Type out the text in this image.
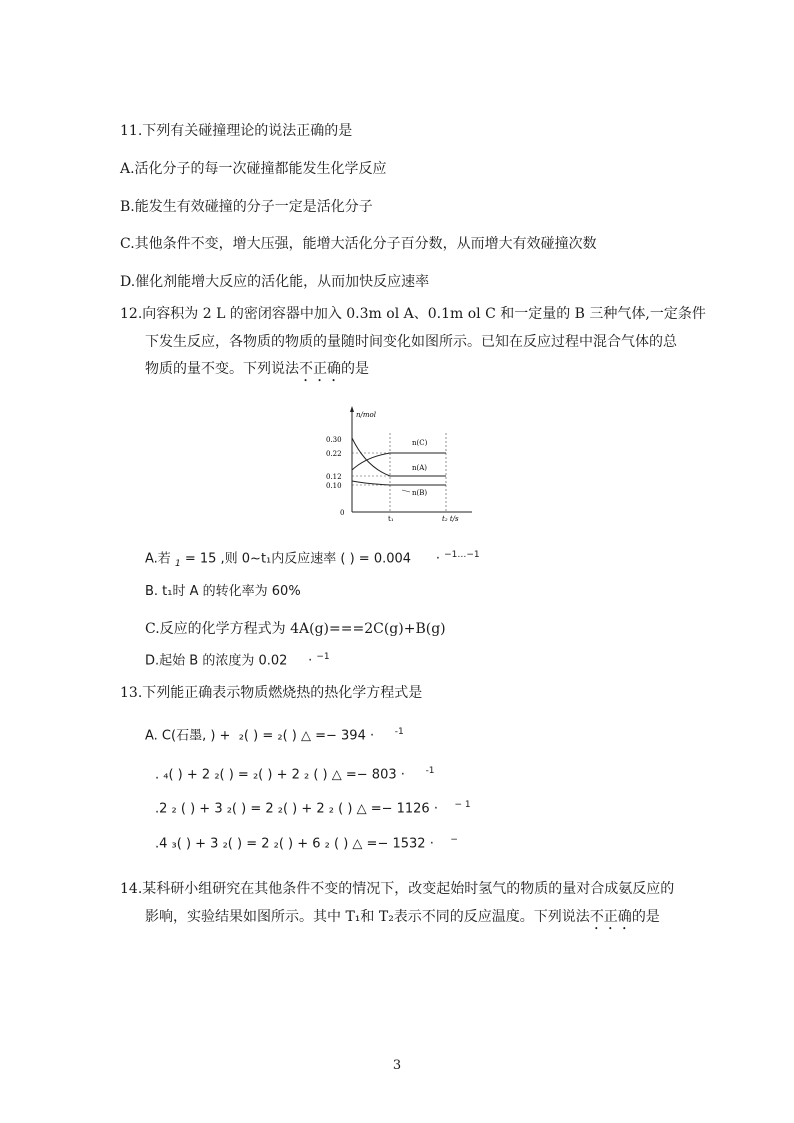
11.下列有关碰撞理论的说法正确的是
A.活化分子的每一次碰撞都能发生化学反应
B.能发生有效碰撞的分子一定是活化分子
C.其他条件不变，增大压强，能增大活化分子百分数，从而增大有效碰撞次数
D.催化剂能增大反应的活化能，从而加快反应速率
12.向容积为 2 L 的密闭容器中加入 0.3m ol A、0.1m ol C 和一定量的 B 三种气体,一定条件
下发生反应，各物质的物质的量随时间变化如图所示。已知在反应过程中混合气体的总
物质的量不变。下列说法不正确的是
n/mol
0.30
0.22
0.12
0.10
0
n(C)
n(A)
n(B)
t₁	t₂ t/s
A.若 $_1$ = 15 ,则 0~t₁内反应速率 ( ) = 0.004 · $^{-1\dots-1}$
B. t₁时 A 的转化率为 60%
C.反应的化学方程式为 4A(g)===2C(g)+B(g)
D.起始 B 的浓度为 0.02 · $^{-1}$
13.下列能正确表示物质燃烧热的热化学方程式是
A. C(石墨, ) + ₂( ) = ₂( ) △ =− 394 · $^{-1}$
. ₄( ) + 2 ₂( ) = ₂( ) + 2 ₂ ( ) △ =− 803 · $^{-1}$
.2 ₂ ( ) + 3 ₂( ) = 2 ₂( ) + 2 ₂ ( ) △ =− 1126 · $^{- 1}$
.4 ₃( ) + 3 ₂( ) = 2 ₂( ) + 6 ₂ ( ) △ =− 1532 · −
14.某科研小组研究在其他条件不变的情况下，改变起始时氢气的物质的量对合成氨反应的
影响，实验结果如图所示。其中 T₁和 T₂表示不同的反应温度。下列说法不正确的是
3
